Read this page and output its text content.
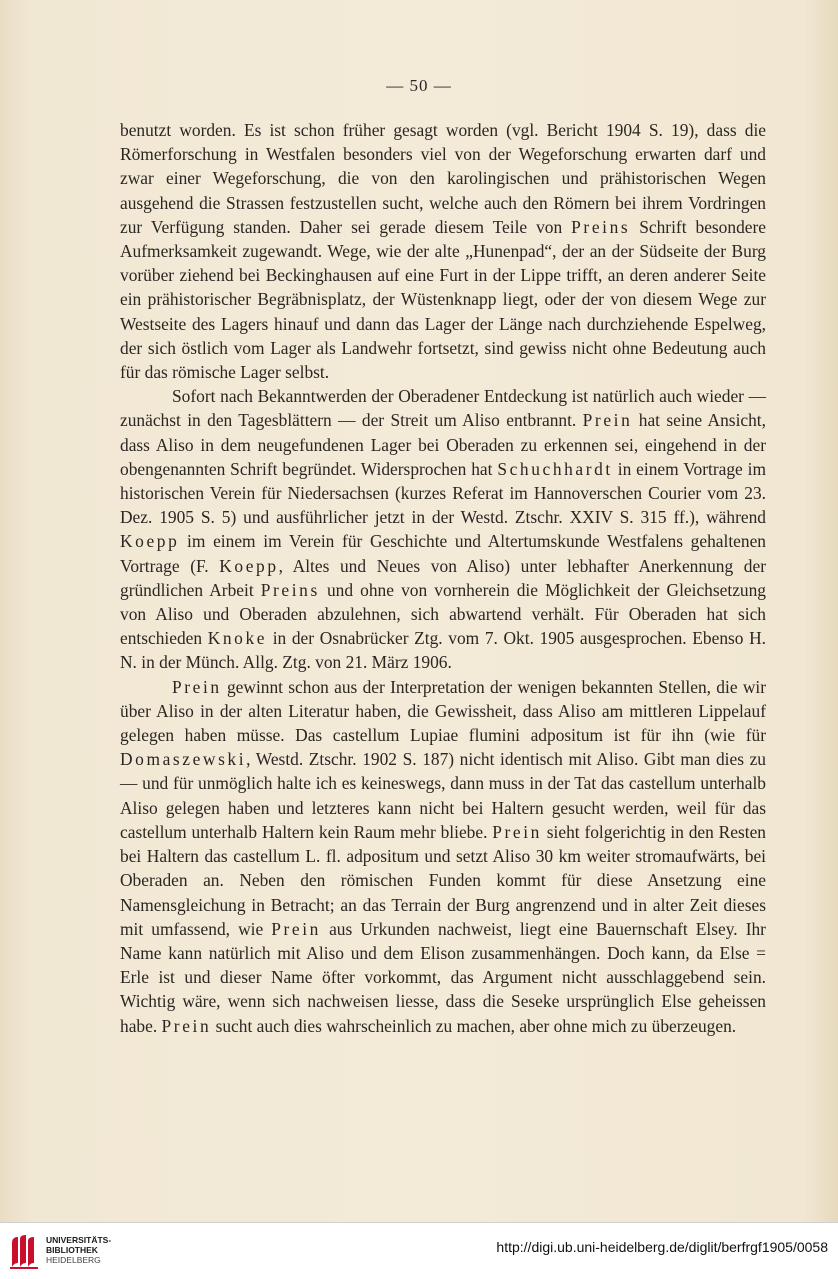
— 50 —

benutzt worden. Es ist schon früher gesagt worden (vgl. Bericht 1904 S. 19), dass die Römerforschung in Westfalen besonders viel von der Wegeforschung erwarten darf und zwar einer Wegeforschung, die von den karolingischen und prähistorischen Wegen ausgehend die Strassen festzustellen sucht, welche auch den Römern bei ihrem Vordringen zur Verfügung standen. Daher sei gerade diesem Teile von Preins Schrift besondere Aufmerksamkeit zugewandt. Wege, wie der alte „Hunenpad“, der an der Südseite der Burg vorüber ziehend bei Beckinghausen auf eine Furt in der Lippe trifft, an deren anderer Seite ein prähistorischer Begräbnisplatz, der Wüstenknapp liegt, oder der von diesem Wege zur Westseite des Lagers hinauf und dann das Lager der Länge nach durchziehende Espelweg, der sich östlich vom Lager als Landwehr fortsetzt, sind gewiss nicht ohne Bedeutung auch für das römische Lager selbst.

Sofort nach Bekanntwerden der Oberadener Entdeckung ist natürlich auch wieder — zunächst in den Tagesblättern — der Streit um Aliso entbrannt. Prein hat seine Ansicht, dass Aliso in dem neugefundenen Lager bei Oberaden zu erkennen sei, eingehend in der obengenannten Schrift begründet. Widersprochen hat Schuchhardt in einem Vortrage im historischen Verein für Niedersachsen (kurzes Referat im Hannoverschen Courier vom 23. Dez. 1905 S. 5) und ausführlicher jetzt in der Westd. Ztschr. XXIV S. 315 ff.), während Koepp im einem im Verein für Geschichte und Altertumskunde Westfalens gehaltenen Vortrage (F. Koepp, Altes und Neues von Aliso) unter lebhafter Anerkennung der gründlichen Arbeit Preins und ohne von vornherein die Möglichkeit der Gleichsetzung von Aliso und Oberaden abzulehnen, sich abwartend verhält. Für Oberaden hat sich entschieden Knoke in der Osnabrücker Ztg. vom 7. Okt. 1905 ausgesprochen. Ebenso H. N. in der Münch. Allg. Ztg. von 21. März 1906.

Prein gewinnt schon aus der Interpretation der wenigen bekannten Stellen, die wir über Aliso in der alten Literatur haben, die Gewissheit, dass Aliso am mittleren Lippelauf gelegen haben müsse. Das castellum Lupiae flumini adpositum ist für ihn (wie für Domaszewski, Westd. Ztschr. 1902 S. 187) nicht identisch mit Aliso. Gibt man dies zu — und für unmöglich halte ich es keineswegs, dann muss in der Tat das castellum unterhalb Aliso gelegen haben und letzteres kann nicht bei Haltern gesucht werden, weil für das castellum unterhalb Haltern kein Raum mehr bliebe. Prein sieht folgerichtig in den Resten bei Haltern das castellum L. fl. adpositum und setzt Aliso 30 km weiter stromaufwärts, bei Oberaden an. Neben den römischen Funden kommt für diese Ansetzung eine Namensgleichung in Betracht; an das Terrain der Burg angrenzend und in alter Zeit dieses mit umfassend, wie Prein aus Urkunden nachweist, liegt eine Bauernschaft Elsey. Ihr Name kann natürlich mit Aliso und dem Elison zusammenhängen. Doch kann, da Else = Erle ist und dieser Name öfter vorkommt, das Argument nicht ausschlaggebend sein. Wichtig wäre, wenn sich nachweisen liesse, dass die Seseke ursprünglich Else geheissen habe. Prein sucht auch dies wahrscheinlich zu machen, aber ohne mich zu überzeugen.

UNIVERSITÄTS-
BIBLIOTHEK
HEIDELBERG
http://digi.ub.uni-heidelberg.de/diglit/berfrgf1905/0058
